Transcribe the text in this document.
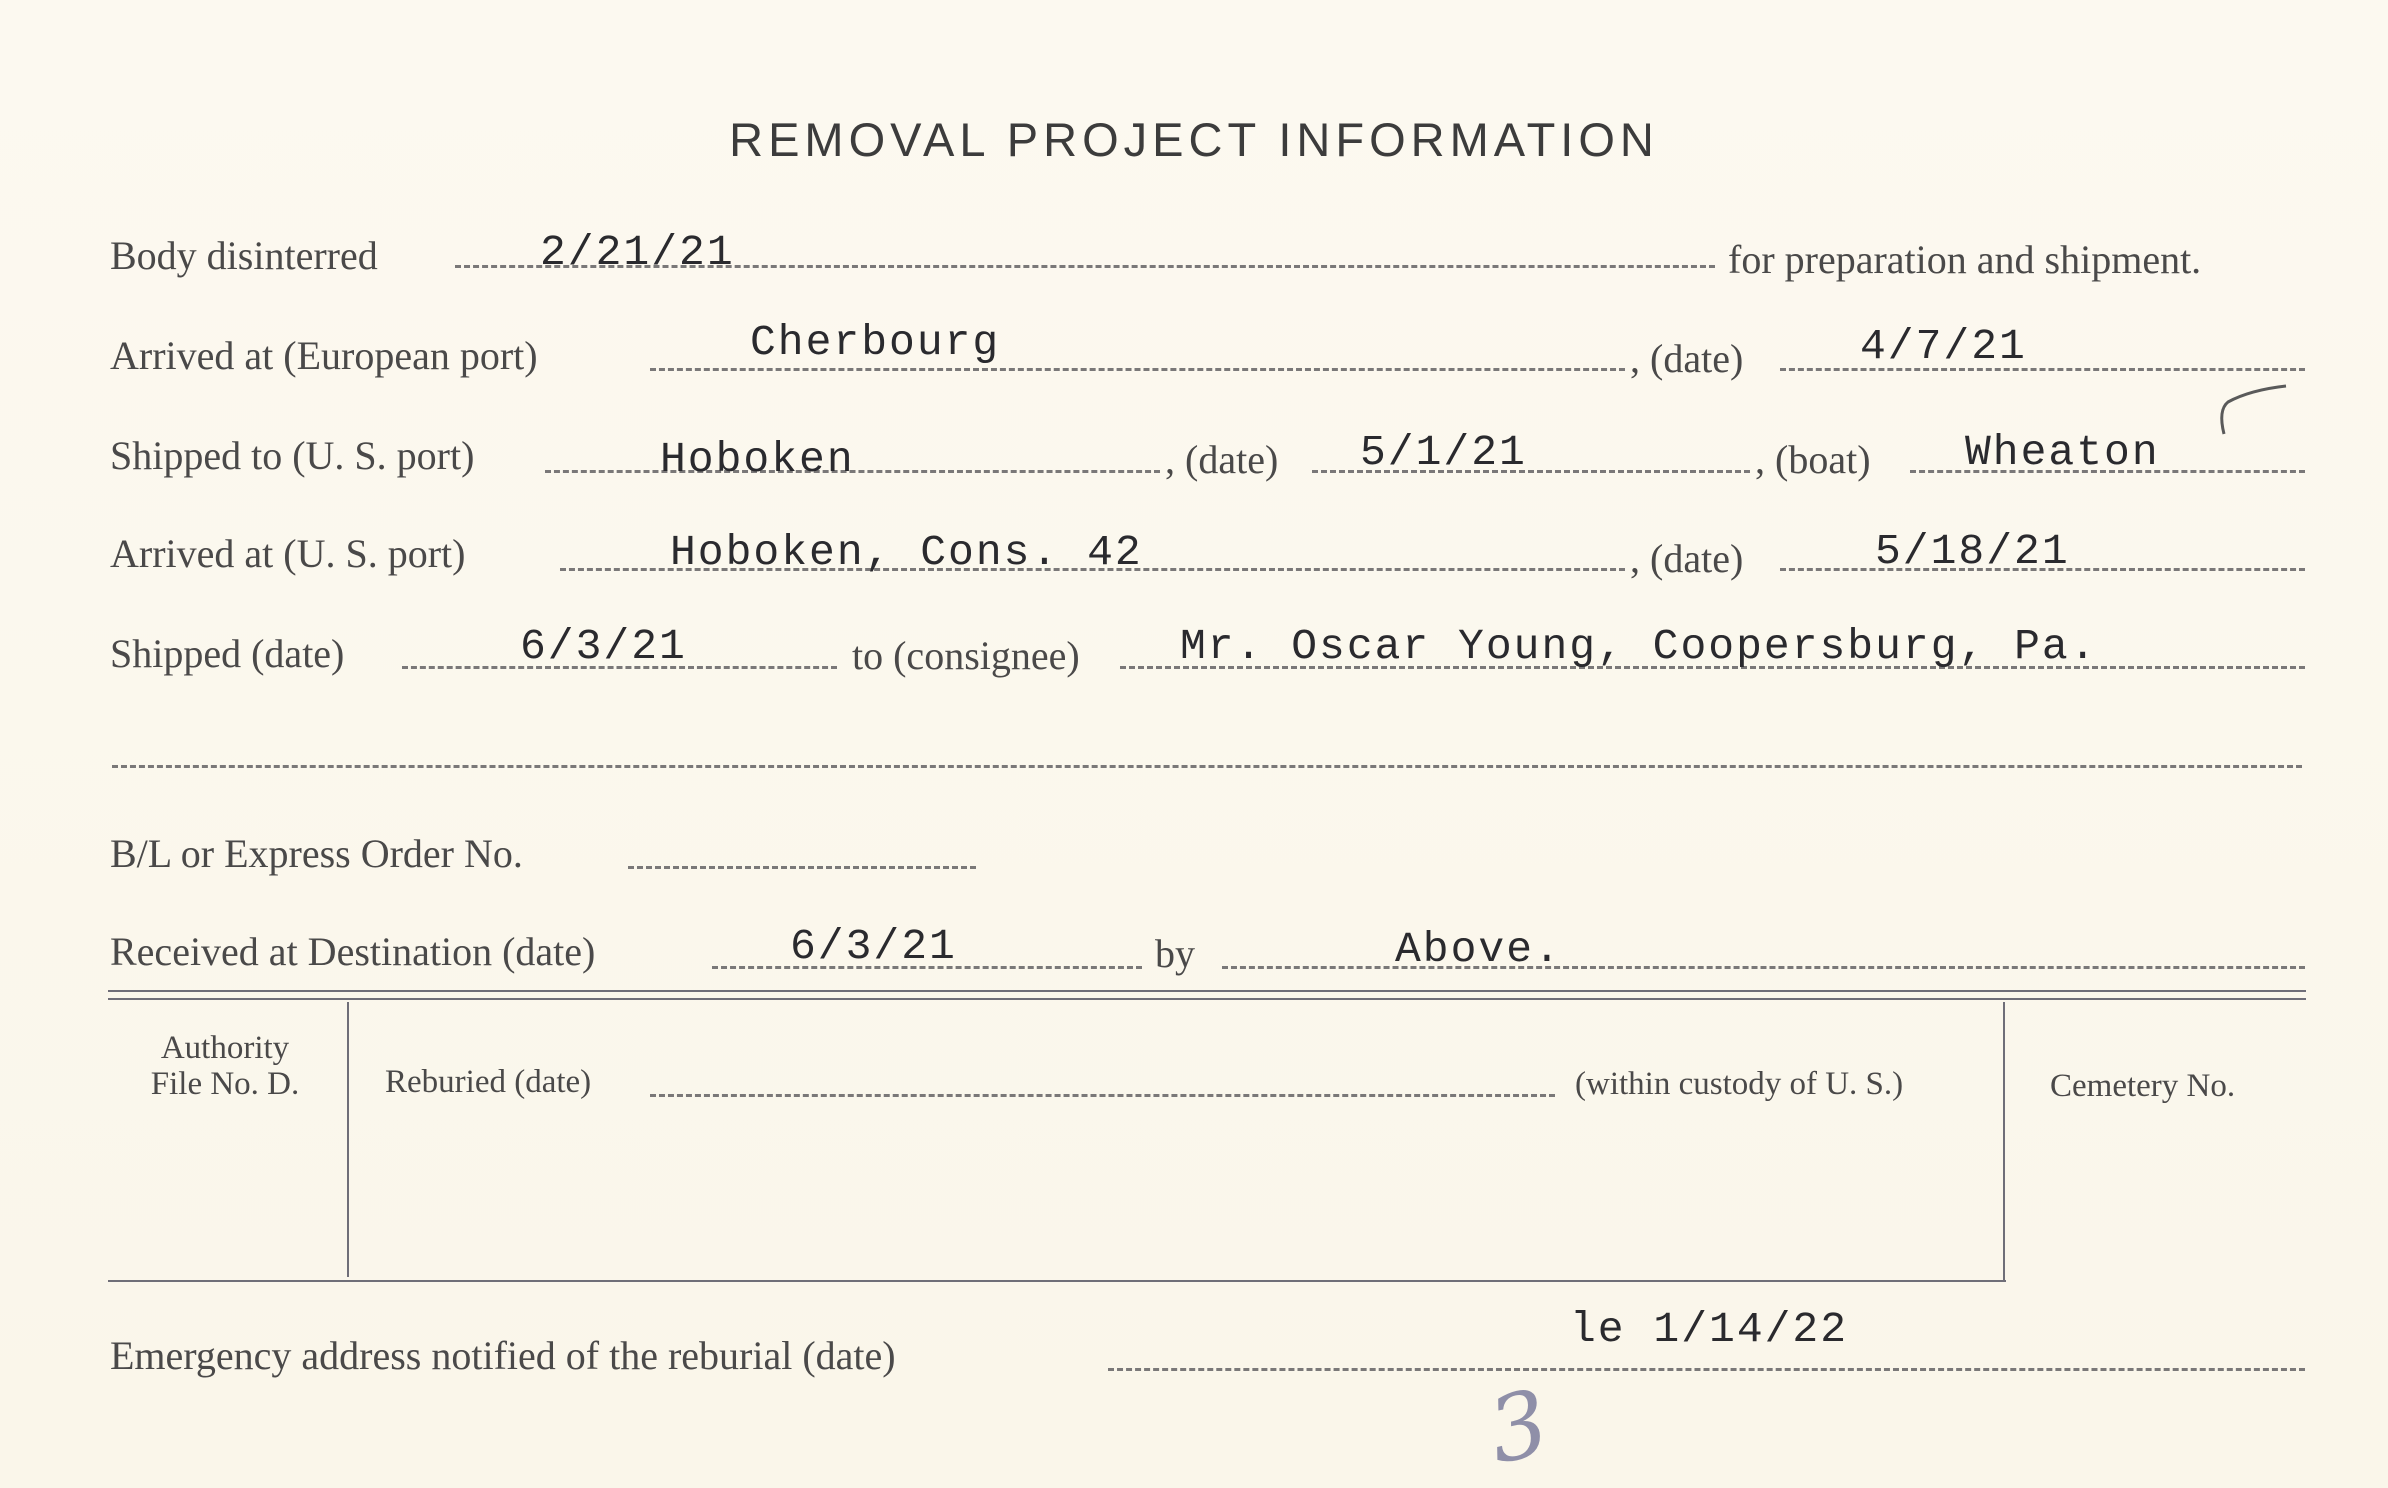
REMOVAL PROJECT INFORMATION
Body disinterred	2/21/21	for preparation and shipment.
Arrived at (European port)	Cherbourg	, (date)	4/7/21
Shipped to (U. S. port)	Hoboken	, (date) 5/1/21	, (boat) Wheaton
Arrived at (U. S. port)	Hoboken, Cons. 42	, (date)	5/18/21
Shipped (date)	6/3/21	to (consignee) Mr. Oscar Young, Coopersburg, Pa.
B/L or Express Order No.
Received at Destination (date)	6/3/21	by	Above.
Authority
File No. D.	Reburied (date)	(within custody of U. S.)	Cemetery No.
Emergency address notified of the reburial (date)
le 1/14/22
3
